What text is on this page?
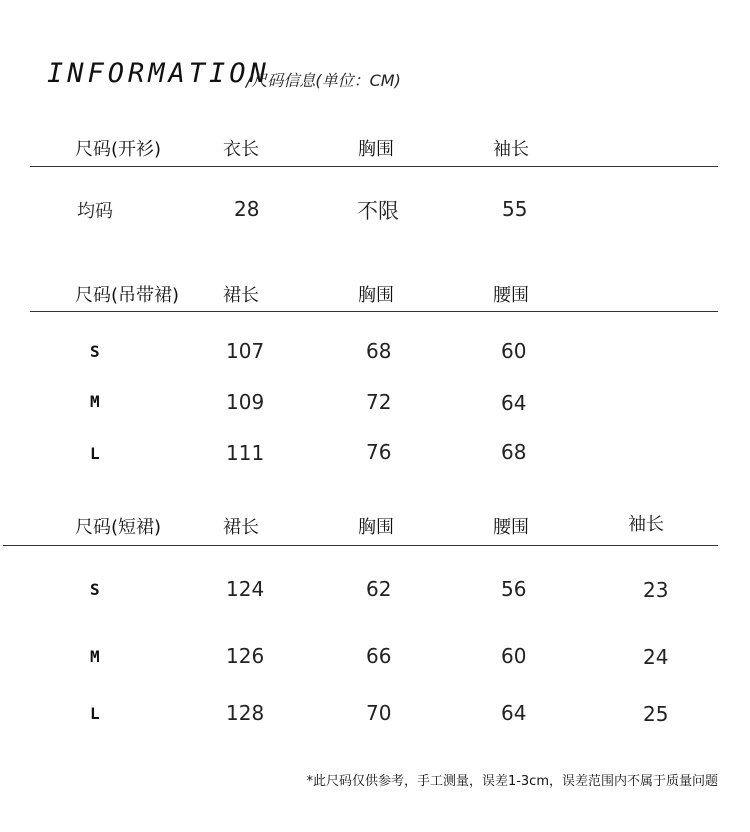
INFORMATION
/尺码信息(单位：CM)
尺码(开衫)	衣长	胸围	袖长
均码	28	不限	55
尺码(吊带裙) 裙长	胸围	腰围
S	107	68	60
M	109	72	64
L	111	76	68
尺码(短裙)	裙长	胸围	腰围	袖长
S	124	62	56	23
M	126	66	60	24
L	128	70	64	25
*此尺码仅供参考，手工测量，误差1-3cm，误差范围内不属于质量问题
